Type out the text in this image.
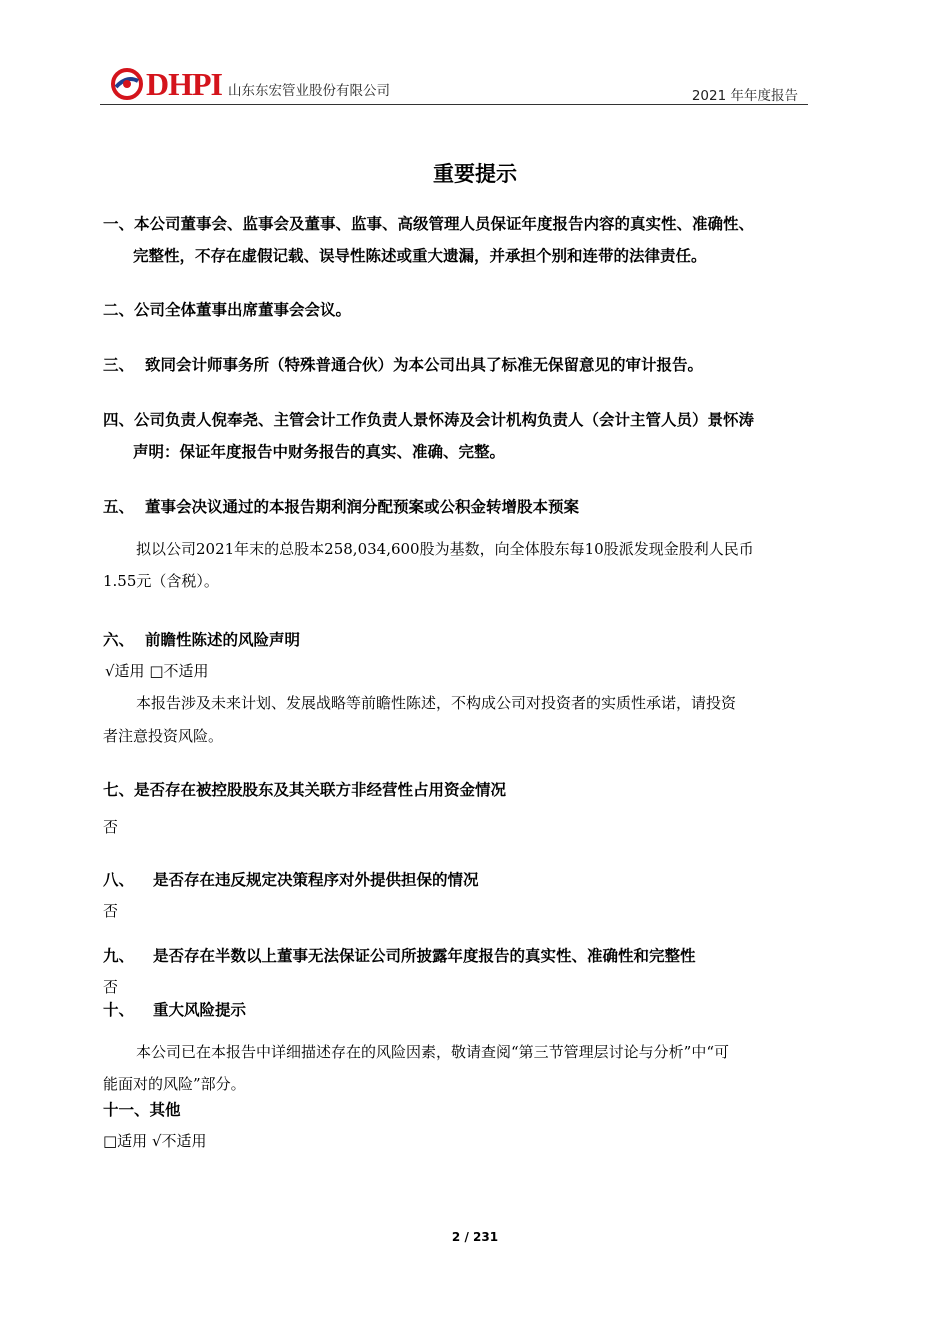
DHPI 山东东宏管业股份有限公司	2021 年年度报告
重要提示
一、本公司董事会、监事会及董事、监事、高级管理人员保证年度报告内容的真实性、准确性、
完整性，不存在虚假记载、误导性陈述或重大遗漏，并承担个别和连带的法律责任。
二、公司全体董事出席董事会会议。
三、 致同会计师事务所（特殊普通合伙）为本公司出具了标准无保留意见的审计报告。
四、公司负责人倪奉尧、主管会计工作负责人景怀涛及会计机构负责人（会计主管人员）景怀涛
声明：保证年度报告中财务报告的真实、准确、完整。
五、 董事会决议通过的本报告期利润分配预案或公积金转增股本预案
拟以公司2021年末的总股本258,034,600股为基数，向全体股东每10股派发现金股利人民币
1.55元（含税）。
六、 前瞻性陈述的风险声明
√适用 □不适用
本报告涉及未来计划、发展战略等前瞻性陈述，不构成公司对投资者的实质性承诺，请投资
者注意投资风险。
七、是否存在被控股股东及其关联方非经营性占用资金情况
否
八、 是否存在违反规定决策程序对外提供担保的情况
否
九、 是否存在半数以上董事无法保证公司所披露年度报告的真实性、准确性和完整性
否
十、 重大风险提示
本公司已在本报告中详细描述存在的风险因素，敬请查阅“第三节管理层讨论与分析”中“可
能面对的风险”部分。
十一、其他
□适用 √不适用
2 / 231
